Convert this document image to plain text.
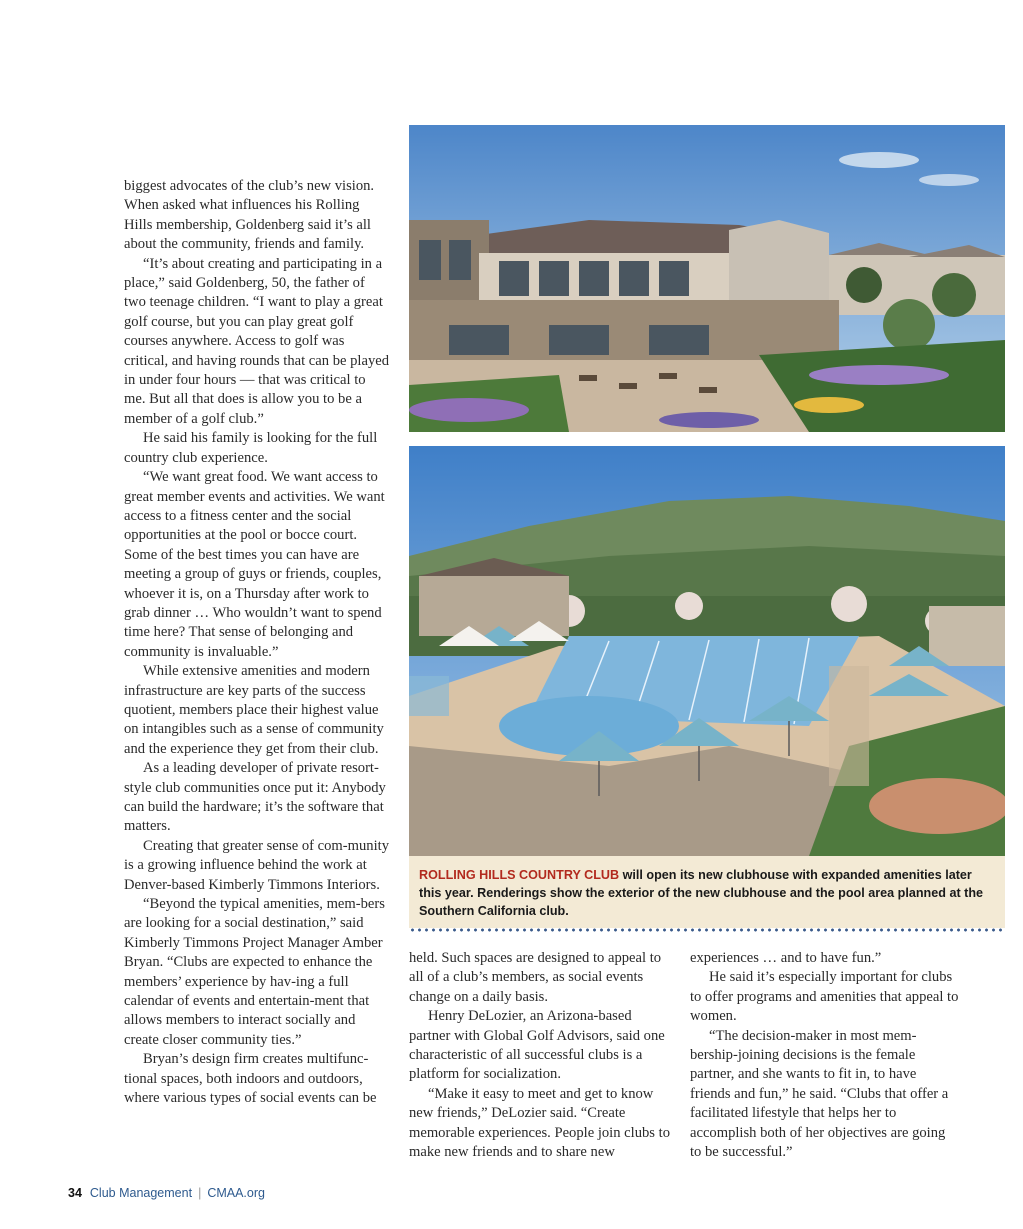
biggest advocates of the club’s new vision. When asked what influences his Rolling Hills membership, Goldenberg said it’s all about the community, friends and family.

“It’s about creating and participating in a place,” said Goldenberg, 50, the father of two teenage children. “I want to play a great golf course, but you can play great golf courses anywhere. Access to golf was critical, and having rounds that can be played in under four hours — that was critical to me. But all that does is allow you to be a member of a golf club.”

He said his family is looking for the full country club experience.

“We want great food. We want access to great member events and activities. We want access to a fitness center and the social opportunities at the pool or bocce court. Some of the best times you can have are meeting a group of guys or friends, couples, whoever it is, on a Thursday after work to grab dinner … Who wouldn’t want to spend time here? That sense of belonging and community is invaluable.”

While extensive amenities and modern infrastructure are key parts of the success quotient, members place their highest value on intangibles such as a sense of community and the experience they get from their club.

As a leading developer of private resort-style club communities once put it: Anybody can build the hardware; it’s the software that matters.

Creating that greater sense of com-munity is a growing influence behind the work at Denver-based Kimberly Timmons Interiors.

“Beyond the typical amenities, mem-bers are looking for a social destination,” said Kimberly Timmons Project Manager Amber Bryan. “Clubs are expected to enhance the members’ experience by hav-ing a full calendar of events and entertain-ment that allows members to interact socially and create closer community ties.”

Bryan’s design firm creates multifunc-tional spaces, both indoors and outdoors, where various types of social events can be

ROLLING HILLS COUNTRY CLUB will open its new clubhouse with expanded amenities later this year. Renderings show the exterior of the new clubhouse and the pool area planned at the Southern California club.

held. Such spaces are designed to appeal to all of a club’s members, as social events change on a daily basis.

Henry DeLozier, an Arizona-based partner with Global Golf Advisors, said one characteristic of all successful clubs is a platform for socialization.

“Make it easy to meet and get to know new friends,” DeLozier said. “Create memorable experiences. People join clubs to make new friends and to share new

experiences … and to have fun.”

He said it’s especially important for clubs to offer programs and amenities that appeal to women.

“The decision-maker in most mem-bership-joining decisions is the female partner, and she wants to fit in, to have friends and fun,” he said. “Clubs that offer a facilitated lifestyle that helps her to accomplish both of her objectives are going to be successful.”

34 Club Management | CMAA.org
